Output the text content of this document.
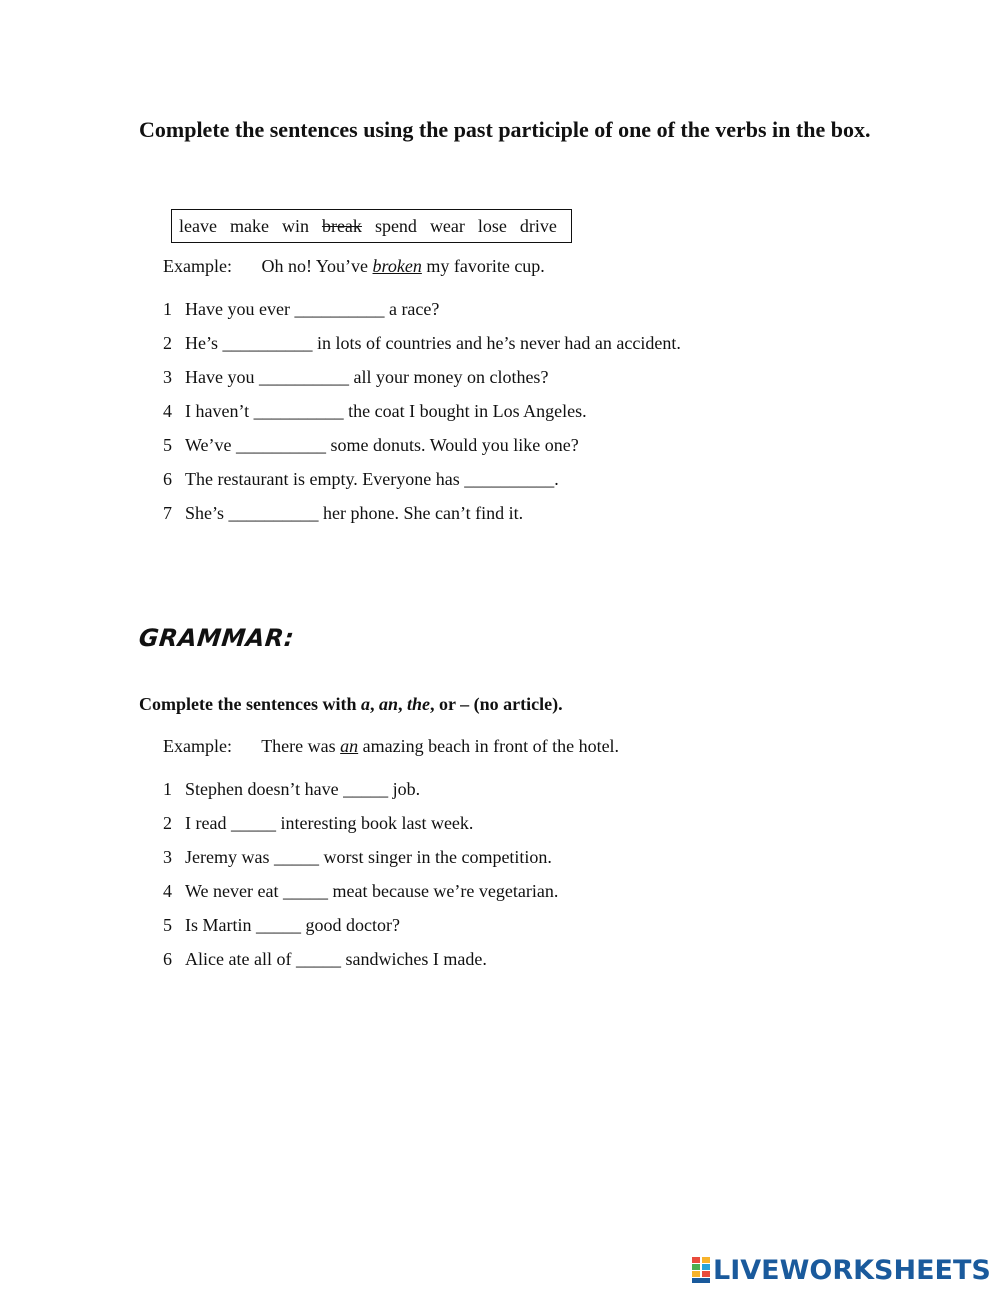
Complete the sentences using the past participle of one of the verbs in the box.
leave make win break spend wear lose drive
Example: Oh no! You’ve broken my favorite cup.
1 Have you ever __________ a race?
2 He’s __________ in lots of countries and he’s never had an accident.
3 Have you __________ all your money on clothes?
4 I haven’t __________ the coat I bought in Los Angeles.
5 We’ve __________ some donuts. Would you like one?
6 The restaurant is empty. Everyone has __________.
7 She’s __________ her phone. She can’t find it.
GRAMMAR:
Complete the sentences with a, an, the, or – (no article).
Example: There was an amazing beach in front of the hotel.
1 Stephen doesn’t have _____ job.
2 I read _____ interesting book last week.
3 Jeremy was _____ worst singer in the competition.
4 We never eat _____ meat because we’re vegetarian.
5 Is Martin _____ good doctor?
6 Alice ate all of _____ sandwiches I made.
LIVEWORKSHEETS
